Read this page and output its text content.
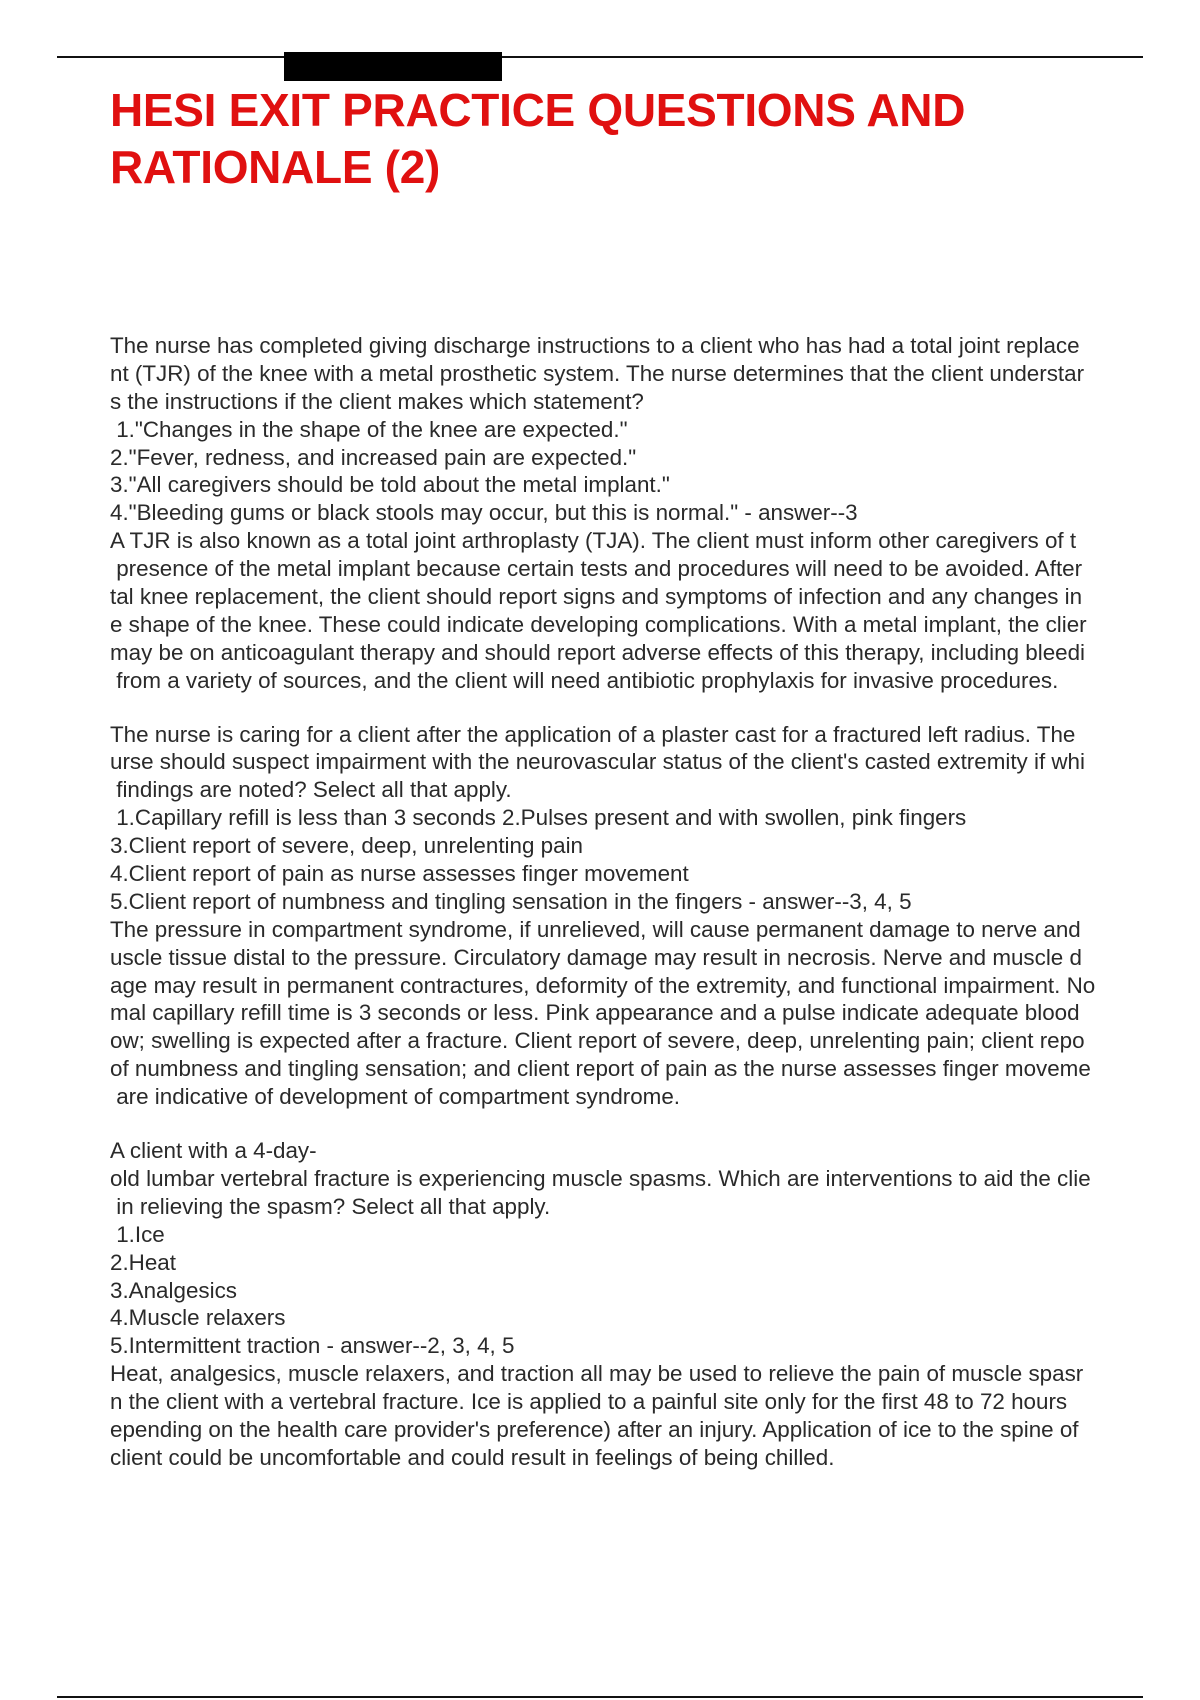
HESI EXIT PRACTICE QUESTIONS AND
RATIONALE (2)
The nurse has completed giving discharge instructions to a client who has had a total joint replace
nt (TJR) of the knee with a metal prosthetic system. The nurse determines that the client understar
s the instructions if the client makes which statement?
1."Changes in the shape of the knee are expected."
2."Fever, redness, and increased pain are expected."
3."All caregivers should be told about the metal implant."
4."Bleeding gums or black stools may occur, but this is normal." - answer--3
A TJR is also known as a total joint arthroplasty (TJA). The client must inform other caregivers of t
presence of the metal implant because certain tests and procedures will need to be avoided. After
tal knee replacement, the client should report signs and symptoms of infection and any changes in
e shape of the knee. These could indicate developing complications. With a metal implant, the clier
may be on anticoagulant therapy and should report adverse effects of this therapy, including bleedi
from a variety of sources, and the client will need antibiotic prophylaxis for invasive procedures.
The nurse is caring for a client after the application of a plaster cast for a fractured left radius. The
urse should suspect impairment with the neurovascular status of the client's casted extremity if whi
findings are noted? Select all that apply.
1.Capillary refill is less than 3 seconds 2.Pulses present and with swollen, pink fingers
3.Client report of severe, deep, unrelenting pain
4.Client report of pain as nurse assesses finger movement
5.Client report of numbness and tingling sensation in the fingers - answer--3, 4, 5
The pressure in compartment syndrome, if unrelieved, will cause permanent damage to nerve and
uscle tissue distal to the pressure. Circulatory damage may result in necrosis. Nerve and muscle d
age may result in permanent contractures, deformity of the extremity, and functional impairment. No
mal capillary refill time is 3 seconds or less. Pink appearance and a pulse indicate adequate blood
ow; swelling is expected after a fracture. Client report of severe, deep, unrelenting pain; client repo
of numbness and tingling sensation; and client report of pain as the nurse assesses finger moveme
are indicative of development of compartment syndrome.
A client with a 4-day-
old lumbar vertebral fracture is experiencing muscle spasms. Which are interventions to aid the clie
in relieving the spasm? Select all that apply.
1.Ice
2.Heat
3.Analgesics
4.Muscle relaxers
5.Intermittent traction - answer--2, 3, 4, 5
Heat, analgesics, muscle relaxers, and traction all may be used to relieve the pain of muscle spasr
n the client with a vertebral fracture. Ice is applied to a painful site only for the first 48 to 72 hours
epending on the health care provider's preference) after an injury. Application of ice to the spine of
client could be uncomfortable and could result in feelings of being chilled.
